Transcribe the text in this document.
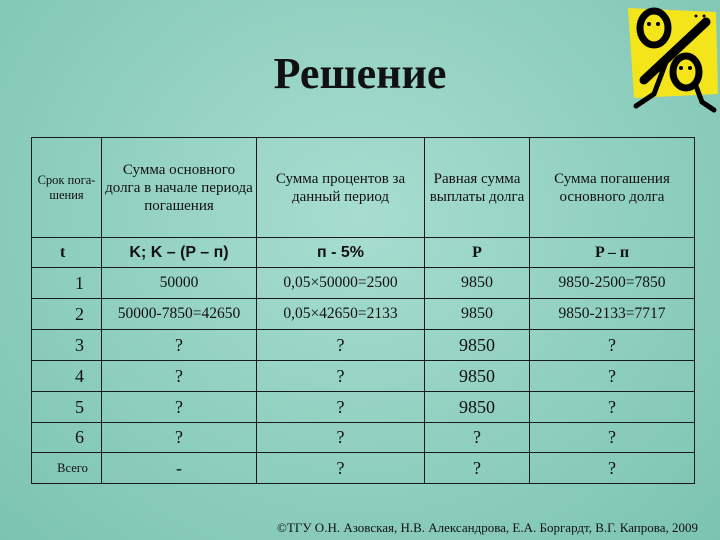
Решение
Срок пога-шения	Сумма основного долга в начале периода погашения	Сумма процентов за данный период	Равная сумма выплаты долга	Сумма погашения основного долга
t	K; K – (P – п)	п - 5%	P	P – п
1	50000	0,05×50000=2500	9850	9850-2500=7850
2	50000-7850=42650	0,05×42650=2133	9850	9850-2133=7717
3	?	?	9850	?
4	?	?	9850	?
5	?	?	9850	?
6	?	?	?	?
Всего	-	?	?	?
©ТГУ О.Н. Азовская, Н.В. Александрова, Е.А. Боргардт, В.Г. Капрова, 2009
